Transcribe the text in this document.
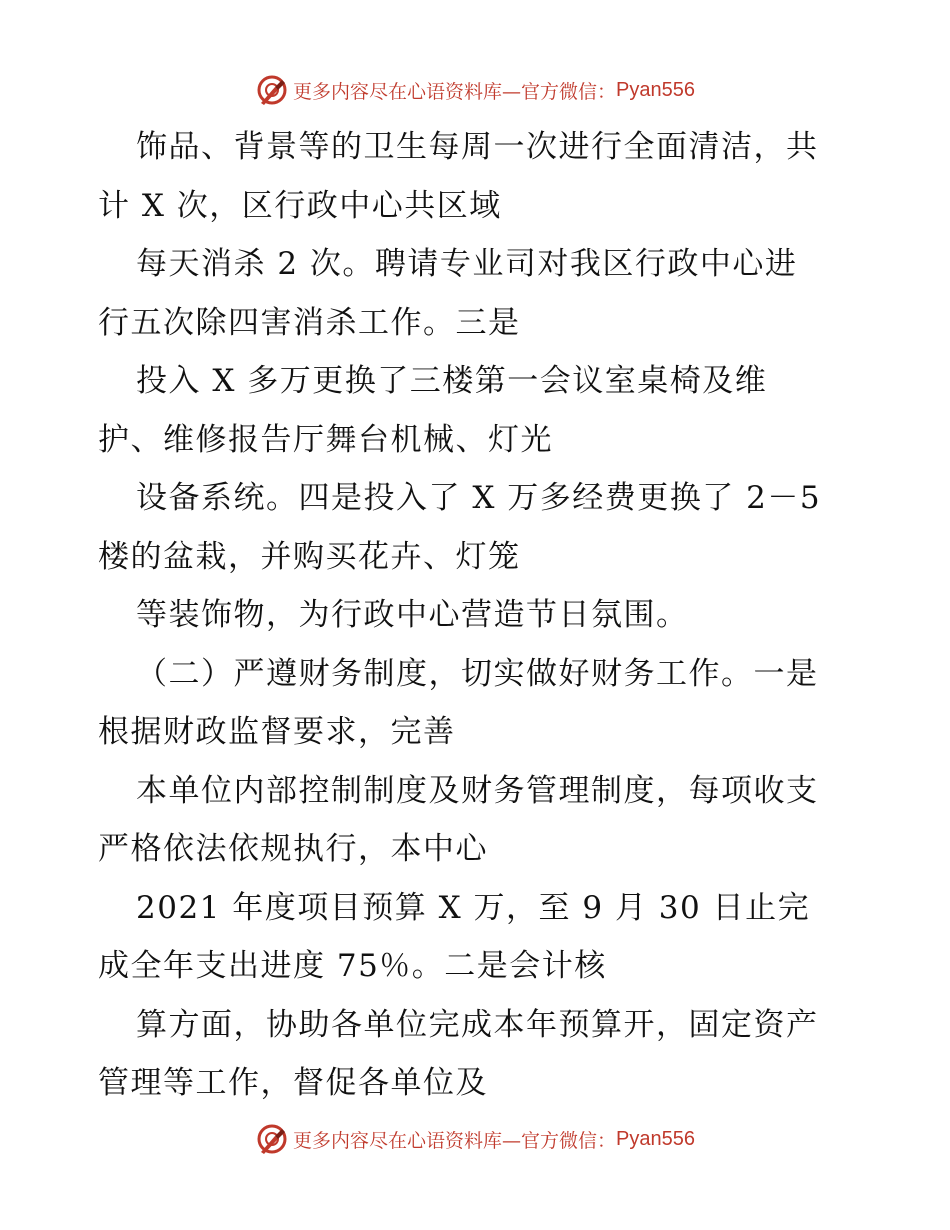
更多内容尽在心语资料库—官方微信： Pyan556
饰品、背景等的卫生每周一次进行全面清洁，共
计 X 次，区行政中心共区域
每天消杀 2 次。聘请专业司对我区行政中心进
行五次除四害消杀工作。三是
投入 X 多万更换了三楼第一会议室桌椅及维
护、维修报告厅舞台机械、灯光
设备系统。四是投入了 X 万多经费更换了 2－5
楼的盆栽，并购买花卉、灯笼
等装饰物，为行政中心营造节日氛围。
（二）严遵财务制度，切实做好财务工作。一是
根据财政监督要求，完善
本单位内部控制制度及财务管理制度，每项收支
严格依法依规执行，本中心
2021 年度项目预算 X 万，至 9 月 30 日止完
成全年支出进度 75％。二是会计核
算方面，协助各单位完成本年预算开，固定资产
管理等工作，督促各单位及
更多内容尽在心语资料库—官方微信： Pyan556
